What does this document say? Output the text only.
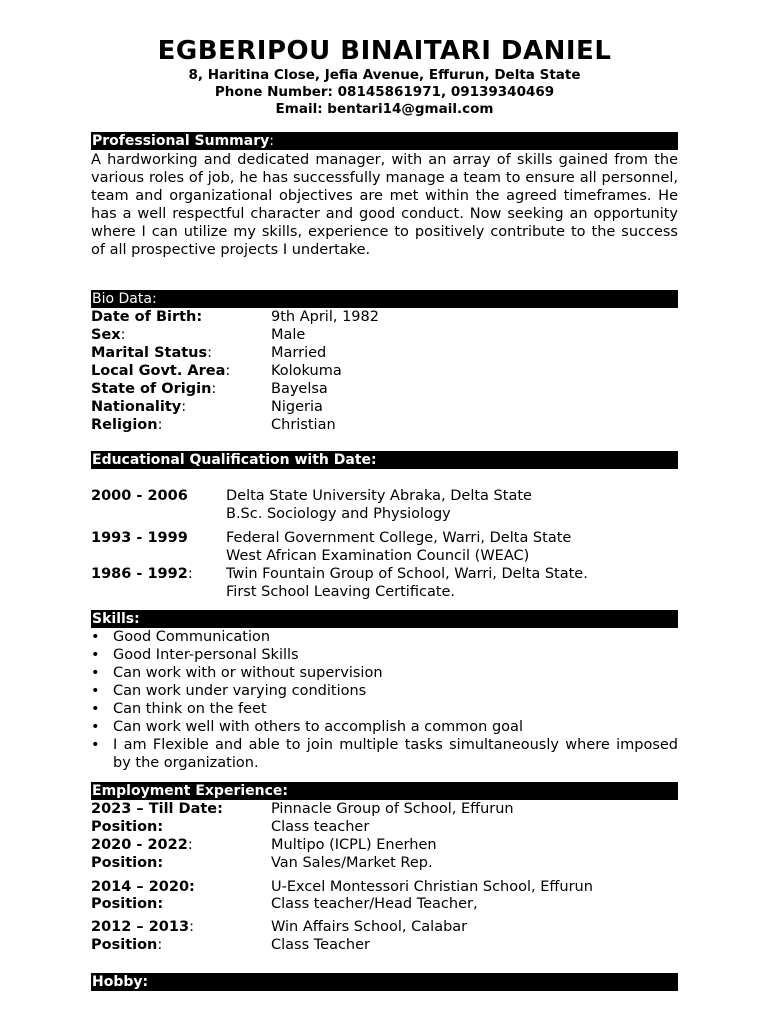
EGBERIPOU BINAITARI DANIEL
8, Haritina Close, Jefia Avenue, Effurun, Delta State
Phone Number: 08145861971, 09139340469
Email: bentari14@gmail.com
Professional Summary:
A hardworking and dedicated manager, with an array of skills gained from the various roles of job, he has successfully manage a team to ensure all personnel, team and organizational objectives are met within the agreed timeframes. He has a well respectful character and good conduct. Now seeking an opportunity where I can utilize my skills, experience to positively contribute to the success of all prospective projects I undertake.
Bio Data:
Date of Birth:	9th April, 1982
Sex:	Male
Marital Status:	Married
Local Govt. Area:	Kolokuma
State of Origin:	Bayelsa
Nationality:	Nigeria
Religion:	Christian
Educational Qualification with Date:
2000 - 2006	Delta State University Abraka, Delta State
B.Sc. Sociology and Physiology
1993 - 1999	Federal Government College, Warri, Delta State
West African Examination Council (WEAC)
1986 - 1992: Twin Fountain Group of School, Warri, Delta State.
First School Leaving Certificate.
Skills:
• Good Communication
• Good Inter-personal Skills
• Can work with or without supervision
• Can work under varying conditions
• Can think on the feet
• Can work well with others to accomplish a common goal
• I am Flexible and able to join multiple tasks simultaneously where imposed by the organization.
Employment Experience:
2023 – Till Date:	Pinnacle Group of School, Effurun
Position:	Class teacher
2020 - 2022:	Multipo (ICPL) Enerhen
Position:	Van Sales/Market Rep.
2014 – 2020:	U-Excel Montessori Christian School, Effurun
Position:	Class teacher/Head Teacher,
2012 – 2013:	Win Affairs School, Calabar
Position:	Class Teacher
Hobby:
